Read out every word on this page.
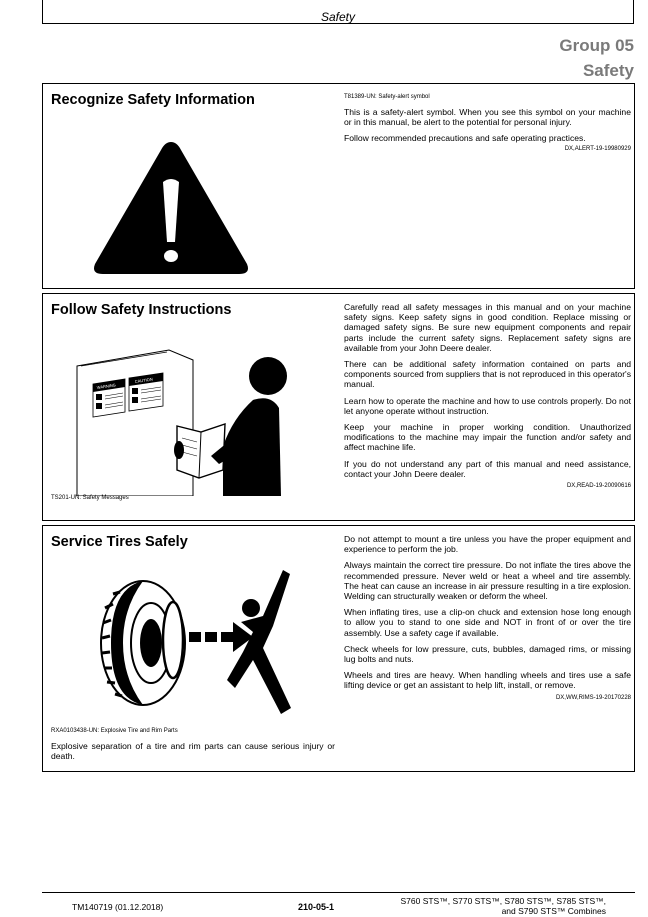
Safety
Group 05
Safety
Recognize Safety Information	T81389-UN: Safety-alert symbol

This is a safety-alert symbol. When you see this symbol on your machine or in this manual, be alert to the potential for personal injury.

Follow recommended precautions and safe operating practices.

DX,ALERT-19-19980929
Follow Safety Instructions
WARNING
CAUTION
TS201-UN: Safety Messages

Carefully read all safety messages in this manual and on your machine safety signs. Keep safety signs in good condition. Replace missing or damaged safety signs. Be sure new equipment components and repair parts include the current safety signs. Replacement safety signs are available from your John Deere dealer.

There can be additional safety information contained on parts and components sourced from suppliers that is not reproduced in this operator's manual.

Learn how to operate the machine and how to use controls properly. Do not let anyone operate without instruction.

Keep your machine in proper working condition. Unauthorized modifications to the machine may impair the function and/or safety and affect machine life.

If you do not understand any part of this manual and need assistance, contact your John Deere dealer.

DX,READ-19-20090616
Service Tires Safely
RXA0103438-UN: Explosive Tire and Rim Parts
Explosive separation of a tire and rim parts can cause serious injury or death.

Do not attempt to mount a tire unless you have the proper equipment and experience to perform the job.

Always maintain the correct tire pressure. Do not inflate the tires above the recommended pressure. Never weld or heat a wheel and tire assembly. The heat can cause an increase in air pressure resulting in a tire explosion. Welding can structurally weaken or deform the wheel.

When inflating tires, use a clip-on chuck and extension hose long enough to allow you to stand to one side and NOT in front of or over the tire assembly. Use a safety cage if available.

Check wheels for low pressure, cuts, bubbles, damaged rims, or missing lug bolts and nuts.

Wheels and tires are heavy. When handling wheels and tires use a safe lifting device or get an assistant to help lift, install, or remove.

DX,WW,RIMS-19-20170228
TM140719 (01.12.2018)	210-05-1
S760 STS™, S770 STS™, S780 STS™, S785 STS™,
and S790 STS™ Combines
